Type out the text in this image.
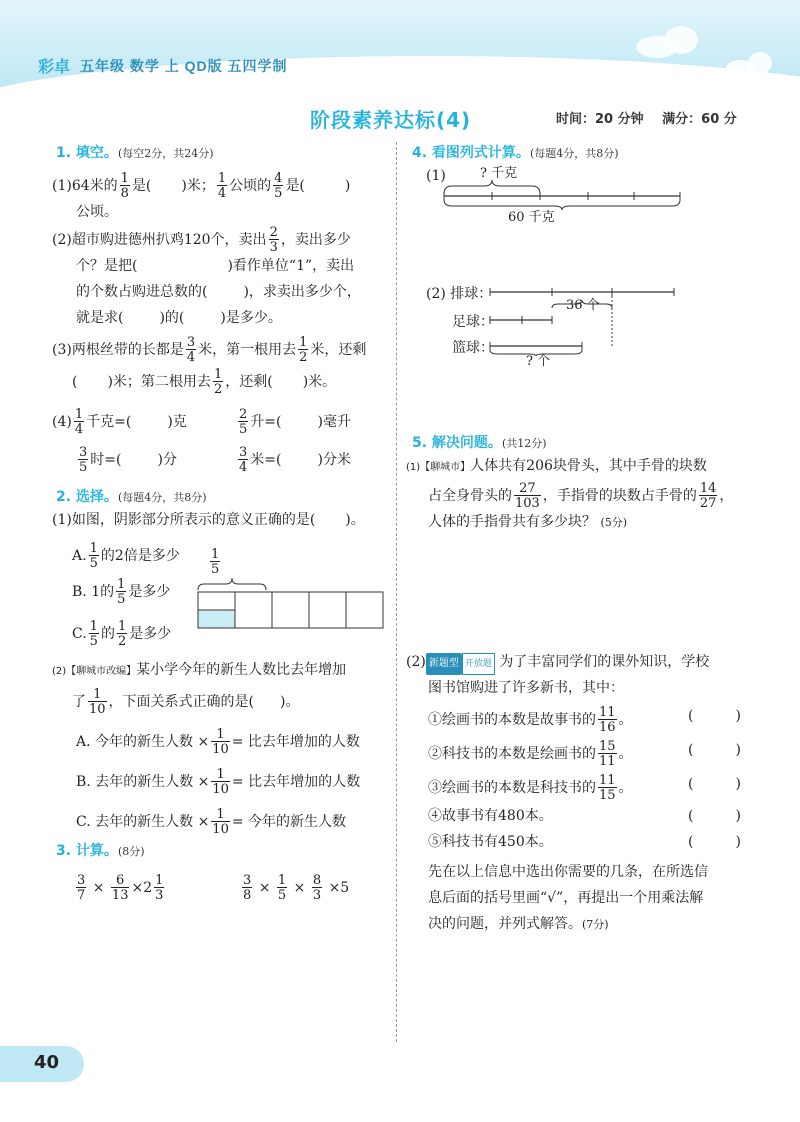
彩卓 五年级 数学 上 QD版 五四学制
阶段素养达标(4)	时间：20 分钟 满分：60 分
1. 填空。(每空2分，共24分)
(1)64米的 $\frac{1}{8}$ 是( )米； $\frac{1}{4}$ 公顷的 $\frac{4}{5}$ 是(	)
公顷。
(2)超市购进德州扒鸡120个，卖出 $\frac{2}{3}$ ，卖出多少
个？是把(	)看作单位“1”，卖出
的个数占购进总数的(	)，求卖出多少个，
就是求(	)的(	)是多少。
(3)两根丝带的长都是 $\frac{3}{4}$ 米，第一根用去 $\frac{1}{2}$ 米，还剩
( )米；第二根用去 $\frac{1}{2}$ ，还剩( )米。
$(4) \frac{1}{4}$ 千克=(	)克	$\frac{2}{5}$ 升=(	)毫升
$\frac{3}{5}$ 时=(	)分	$\frac{3}{4}$ 米=(	)分米
2. 选择。(每题4分，共8分)
(1)如图，阴影部分所表示的意义正确的是( )。
A. $\frac{1}{5}$ 的2倍是多少
B. 1的 $\frac{1}{5}$ 是多少
C. $\frac{1}{5}$ 的 $\frac{1}{2}$ 是多少
$\frac{1}{5}$
(2)【聊城市改编】某小学今年的新生人数比去年增加
了 $\frac{1}{10}$ ，下面关系式正确的是( )。
A. 今年的新生人数 × $\frac{1}{10}$ = 比去年增加的人数
B. 去年的新生人数 × $\frac{1}{10}$ = 比去年增加的人数
C. 去年的新生人数 × $\frac{1}{10}$ = 今年的新生人数
3. 计算。(8分)
$\frac{3}{7} \times \frac{6}{13} \times 2 \frac{1}{3}$	$\frac{3}{8} \times \frac{1}{5} \times \frac{8}{3} \times 5$
4. 看图列式计算。(每题4分，共8分)
(1)	? 千克
60 千克
(2) 排球：
足球：
篮球：
36 个
? 个
5. 解决问题。(共12分)
(1)【聊城市】人体共有206块骨头，其中手骨的块数
占全身骨头的 $\frac{27}{103}$ ，手指骨的块数占手骨的 $\frac{14}{27}$ ，
人体的手指骨共有多少块？ (5分)
(2) 新题型 开放题 为了丰富同学们的课外知识，学校
图书馆购进了许多新书，其中：
①绘画书的本数是故事书的 $\frac{11}{16}$ 。	(　　　)
②科技书的本数是绘画书的 $\frac{15}{11}$ 。	(　　　)
③绘画书的本数是科技书的 $\frac{11}{15}$ 。	(　　　)
④故事书有480本。	(　　　)
⑤科技书有450本。	(　　　)
先在以上信息中选出你需要的几条，在所选信
息后面的括号里画“√”，再提出一个用乘法解
决的问题，并列式解答。(7分)
40
